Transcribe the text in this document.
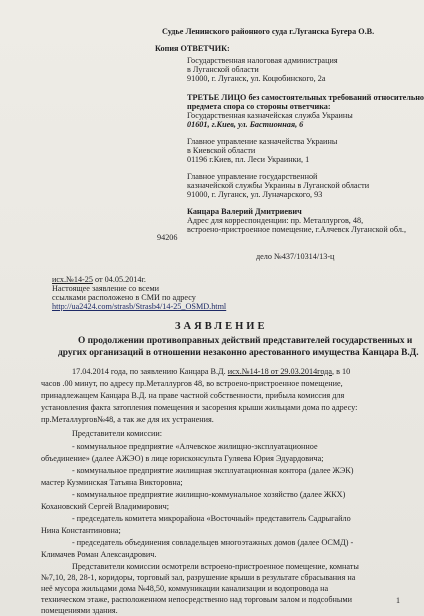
Судье Ленинского районного суда г.Луганска Бугера О.В.
Копия ОТВЕТЧИК:
Государственная налоговая администрация
в Луганской области
91000, г. Луганск, ул. Коцюбинского, 2а
ТРЕТЬЕ ЛИЦО без самостоятельных требований относительно
предмета спора со стороны ответчика:
Государственная казначейская служба Украины
01601, г.Киев, ул. Бастионная, 6
Главное управление казначейства Украины
в Киевской области
01196 г.Киев, пл. Леси Украинки, 1
Главное управление государственной
казначейской службы Украины в Луганской области
91000, г. Луганск, ул. Луначарского, 93
Канцара Валерий Дмитриевич
Адрес для корреспонденции: пр. Металлургов, 48,
встроено-пристроенное помещение, г.Алчевск Луганской обл.,
94206
дело №437/10314/13-ц
исх.№14-25 от 04.05.2014г.
Настоящее заявление со всеми
ссылками расположено в СМИ по адресу
http://ua2424.com/strasb/Strasb4/14-25_OSMD.html
ЗАЯВЛЕНИЕ
О продолжении противоправных действий представителей государственных и
других организаций в отношении незаконно арестованного имущества Канцара В.Д.
17.04.2014 года, по заявлению Канцара В.Д. исх.№14-18 от 29.03.2014года, в 10
часов .00 минут, по адресу пр.Металлургов 48, во встроено-пристроенное помещение,
принадлежащем Канцара В.Д. на праве частной собственности, прибыла комиссия для
установления факта затопления помещения и засорения крыши жильцами дома по адресу:
пр.Металлургов№48, а так же для их устранения.
Представители комиссии:
- коммунальное предприятие «Алчевское жилищно-эксплуатационное
объединение» (далее АЖЭО) в лице юрисконсульта Гуляева Юрия Эдуардовича;
- коммунальное предприятие жилищная эксплуатационная контора (далее ЖЭК)
мастер Кузминская Татьяна Викторовна;
- коммунальное предприятие жилищно-коммунальное хозяйство (далее ЖКХ)
Кохановский Сергей Владимирович;
- председатель комитета микрорайона «Восточный» представитель Садрыгайло
Нина Константиновна;
- председатель объединения совладельцев многоэтажных домов (далее ОСМД) -
Климачев Роман Александрович.
Представители комиссии осмотрели встроено-пристроенное помещение, комнаты
№7,10, 28, 28-1, коридоры, торговый зал, разрушение крыши в результате сбрасывания на
неё мусора жильцами дома №48,50, коммуникации канализации и водопровода на
техническом этаже, расположенном непосредственно над торговым залом и подсобными
помещениями здания.
1
